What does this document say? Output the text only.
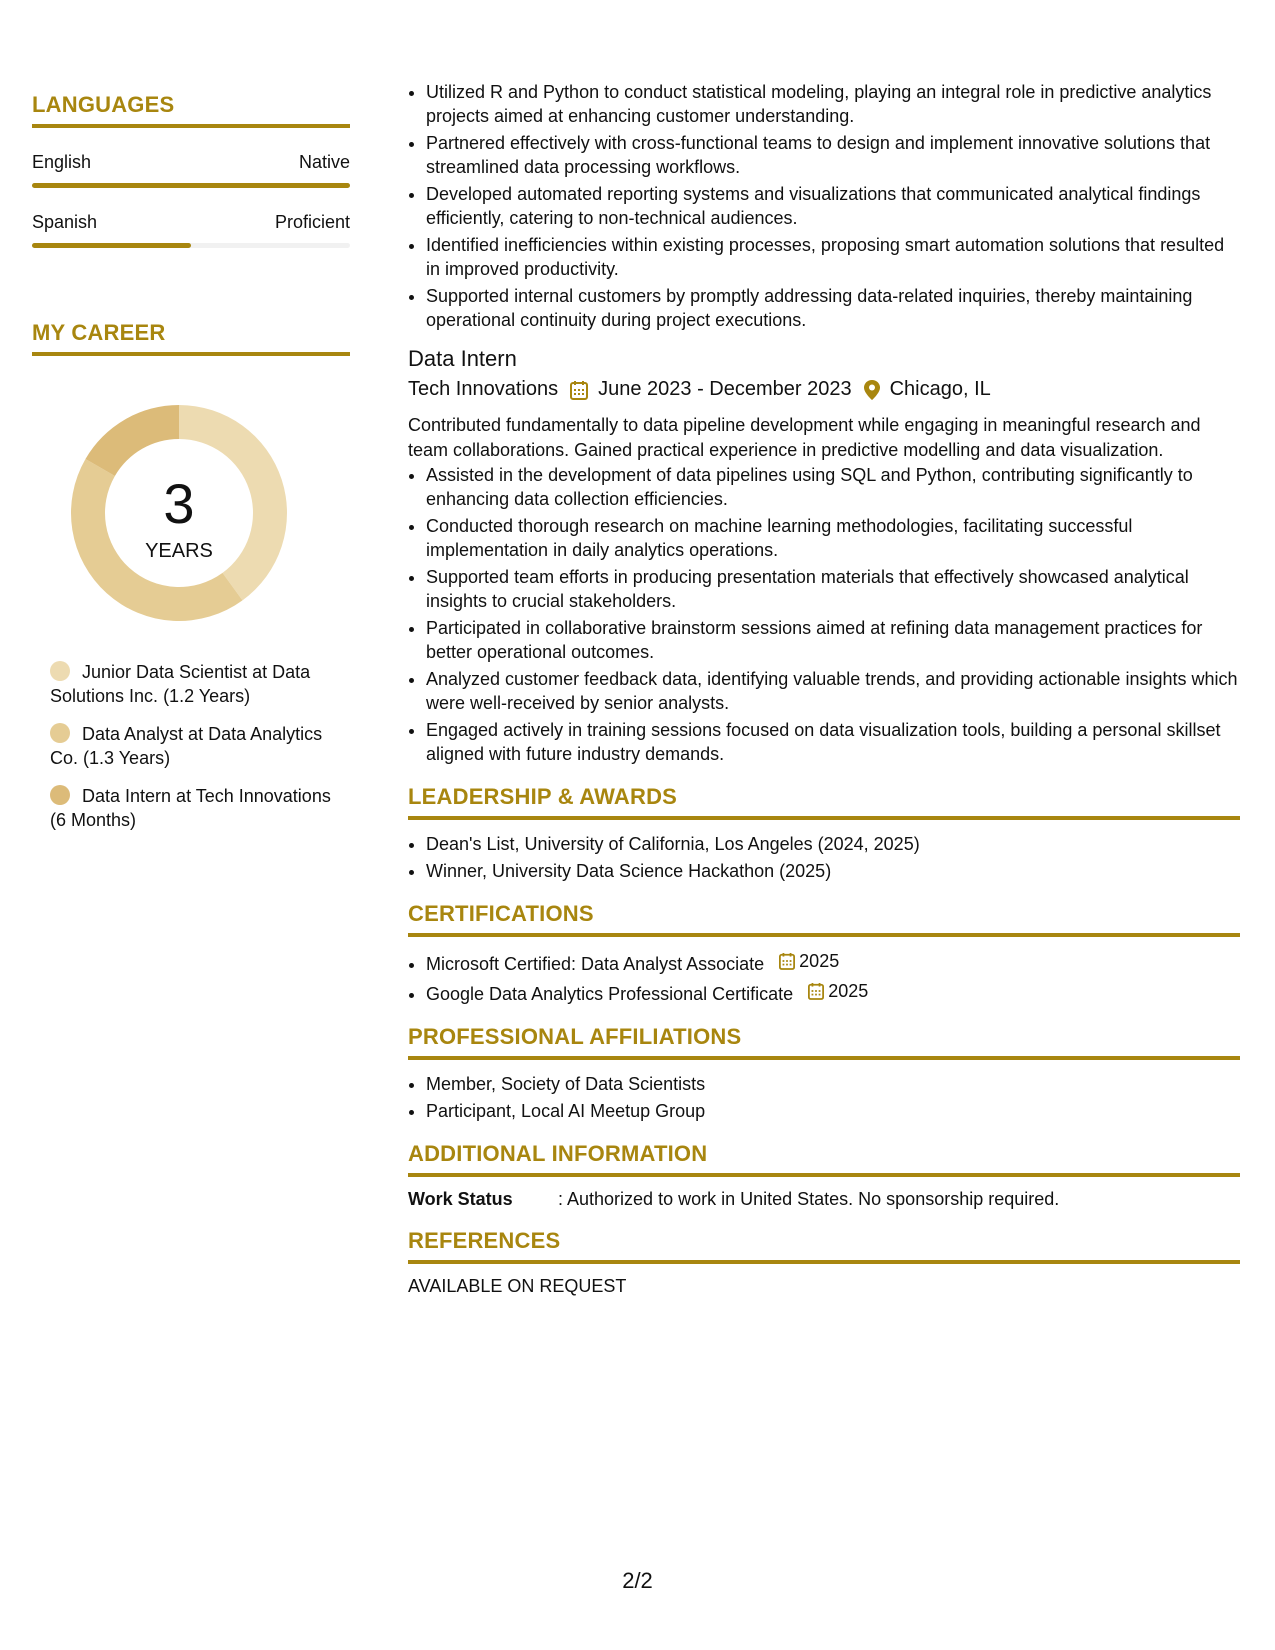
LANGUAGES
English	Native
Spanish	Proficient
MY CAREER
3
YEARS
Junior Data Scientist at Data Solutions Inc. (1.2 Years)
Data Analyst at Data Analytics Co. (1.3 Years)
Data Intern at Tech Innovations (6 Months)
• Utilized R and Python to conduct statistical modeling, playing an integral role in predictive analytics projects aimed at enhancing customer understanding.
• Partnered effectively with cross-functional teams to design and implement innovative solutions that streamlined data processing workflows.
• Developed automated reporting systems and visualizations that communicated analytical findings efficiently, catering to non-technical audiences.
• Identified inefficiencies within existing processes, proposing smart automation solutions that resulted in improved productivity.
• Supported internal customers by promptly addressing data-related inquiries, thereby maintaining operational continuity during project executions.
Data Intern
Tech Innovations June 2023 - December 2023 Chicago, IL
Contributed fundamentally to data pipeline development while engaging in meaningful research and team collaborations. Gained practical experience in predictive modelling and data visualization.
• Assisted in the development of data pipelines using SQL and Python, contributing significantly to enhancing data collection efficiencies.
• Conducted thorough research on machine learning methodologies, facilitating successful implementation in daily analytics operations.
• Supported team efforts in producing presentation materials that effectively showcased analytical insights to crucial stakeholders.
• Participated in collaborative brainstorm sessions aimed at refining data management practices for better operational outcomes.
• Analyzed customer feedback data, identifying valuable trends, and providing actionable insights which were well-received by senior analysts.
• Engaged actively in training sessions focused on data visualization tools, building a personal skillset aligned with future industry demands.
LEADERSHIP & AWARDS
• Dean's List, University of California, Los Angeles (2024, 2025)
• Winner, University Data Science Hackathon (2025)
CERTIFICATIONS
• Microsoft Certified: Data Analyst Associate 2025
• Google Data Analytics Professional Certificate 2025
PROFESSIONAL AFFILIATIONS
• Member, Society of Data Scientists
• Participant, Local AI Meetup Group
ADDITIONAL INFORMATION
Work Status	: Authorized to work in United States. No sponsorship required.
REFERENCES
AVAILABLE ON REQUEST
2/2
